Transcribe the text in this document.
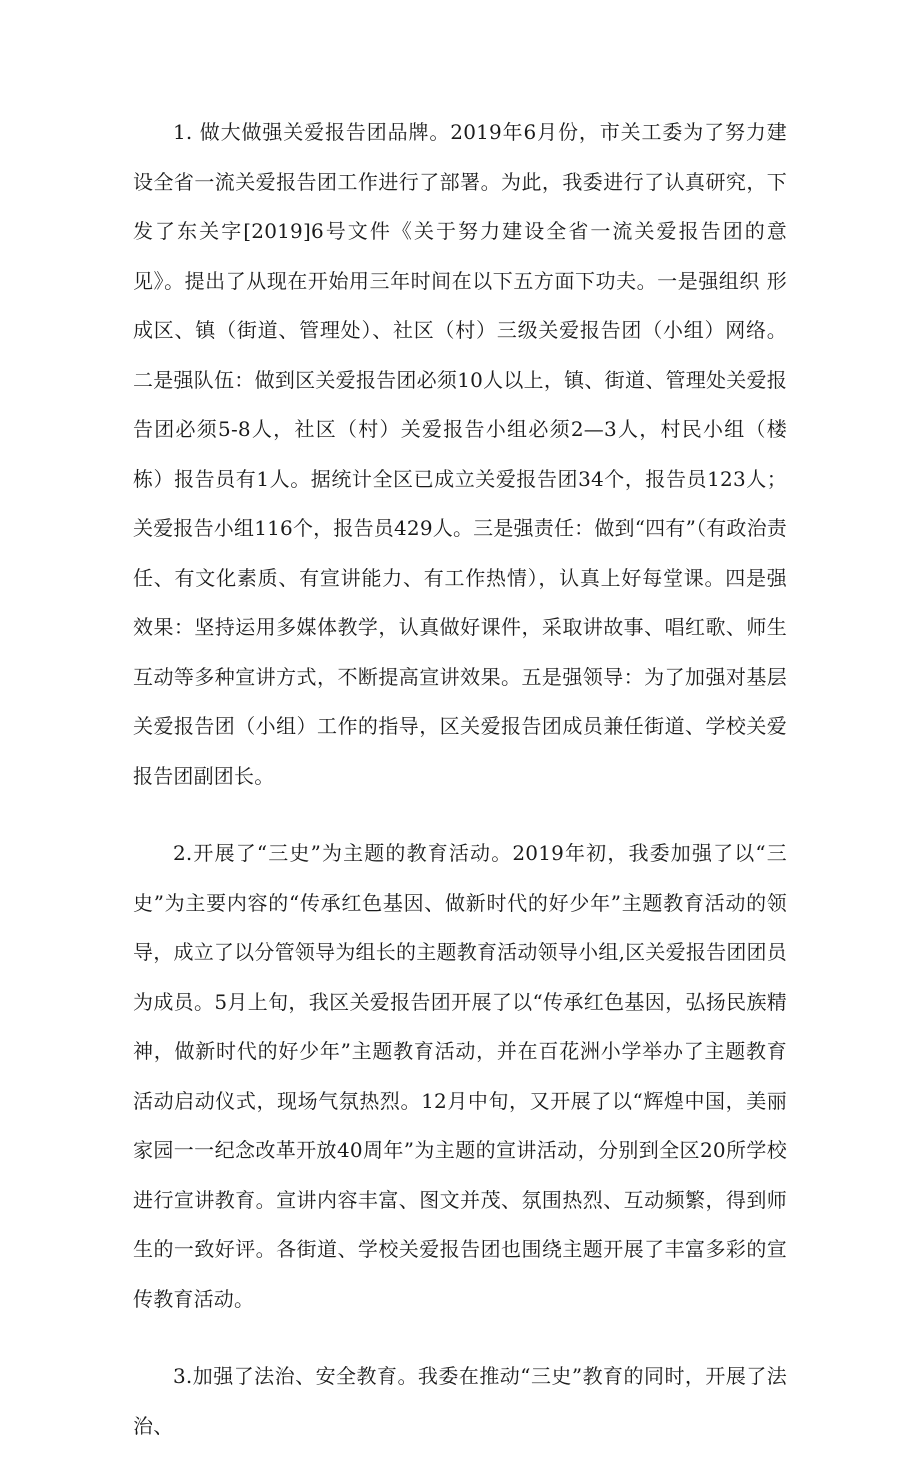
1. 做大做强关爱报告团品牌。2019年6月份，市关工委为了努力建设全省一流关爱报告团工作进行了部署。为此，我委进行了认真研究，下发了东关字[2019]6号文件《关于努力建设全省一流关爱报告团的意见》。提出了从现在开始用三年时间在以下五方面下功夫。一是强组织 形成区、镇（街道、管理处）、社区（村）三级关爱报告团（小组）网络。二是强队伍：做到区关爱报告团必须10人以上，镇、街道、管理处关爱报告团必须5-8人，社区（村）关爱报告小组必须2—3人，村民小组（楼栋）报告员有1人。据统计全区已成立关爱报告团34个，报告员123人；关爱报告小组116个，报告员429人。三是强责任：做到“四有”（有政治责任、有文化素质、有宣讲能力、有工作热情），认真上好每堂课。四是强效果：坚持运用多媒体教学，认真做好课件，采取讲故事、唱红歌、师生互动等多种宣讲方式，不断提高宣讲效果。五是强领导：为了加强对基层关爱报告团（小组）工作的指导，区关爱报告团成员兼任街道、学校关爱报告团副团长。

2.开展了“三史”为主题的教育活动。2019年初，我委加强了以“三史”为主要内容的“传承红色基因、做新时代的好少年”主题教育活动的领导，成立了以分管领导为组长的主题教育活动领导小组,区关爱报告团团员为成员。5月上旬，我区关爱报告团开展了以“传承红色基因，弘扬民族精神，做新时代的好少年”主题教育活动，并在百花洲小学举办了主题教育活动启动仪式，现场气氛热烈。12月中旬，又开展了以“辉煌中国，美丽家园一一纪念改革开放40周年”为主题的宣讲活动，分别到全区20所学校进行宣讲教育。宣讲内容丰富、图文并茂、氛围热烈、互动频繁，得到师生的一致好评。各街道、学校关爱报告团也围绕主题开展了丰富多彩的宣传教育活动。

3.加强了法治、安全教育。我委在推动“三史”教育的同时，开展了法治、
